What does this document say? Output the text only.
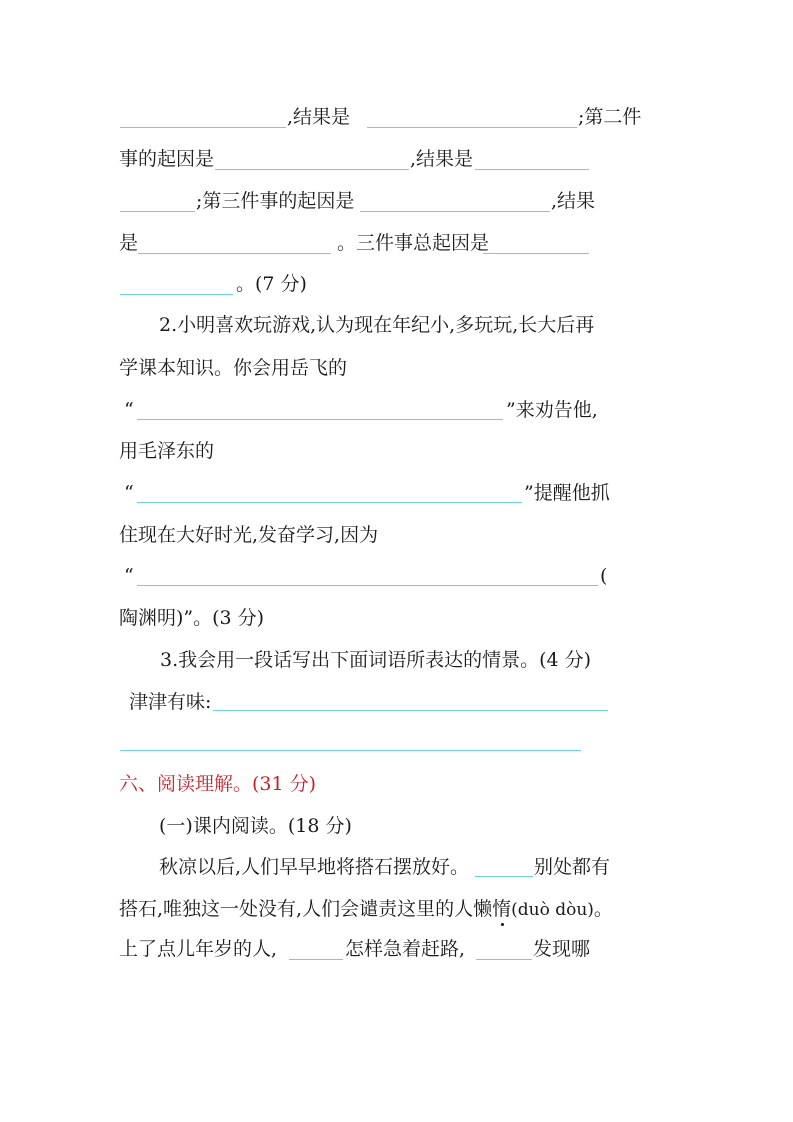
,结果是	;第二件
事的起因是	,结果是
;第三件事的起因是	,结果
是	。三件事总起因是
。(7 分)
2.小明喜欢玩游戏,认为现在年纪小,多玩玩,长大后再
学课本知识。你会用岳飞的
“	”来劝告他,
用毛泽东的
“	”提醒他抓
住现在大好时光,发奋学习,因为
“	(
陶渊明)”。(3 分)
3.我会用一段话写出下面词语所表达的情景。(4 分)
津津有味:
六、阅读理解。(31 分)
(一)课内阅读。(18 分)
秋凉以后,人们早早地将搭石摆放好。	别处都有
搭石,唯独这一处没有,人们会谴责这里的人懒惰(duò dòu)。
上了点儿年岁的人,	怎样急着赶路,	发现哪
